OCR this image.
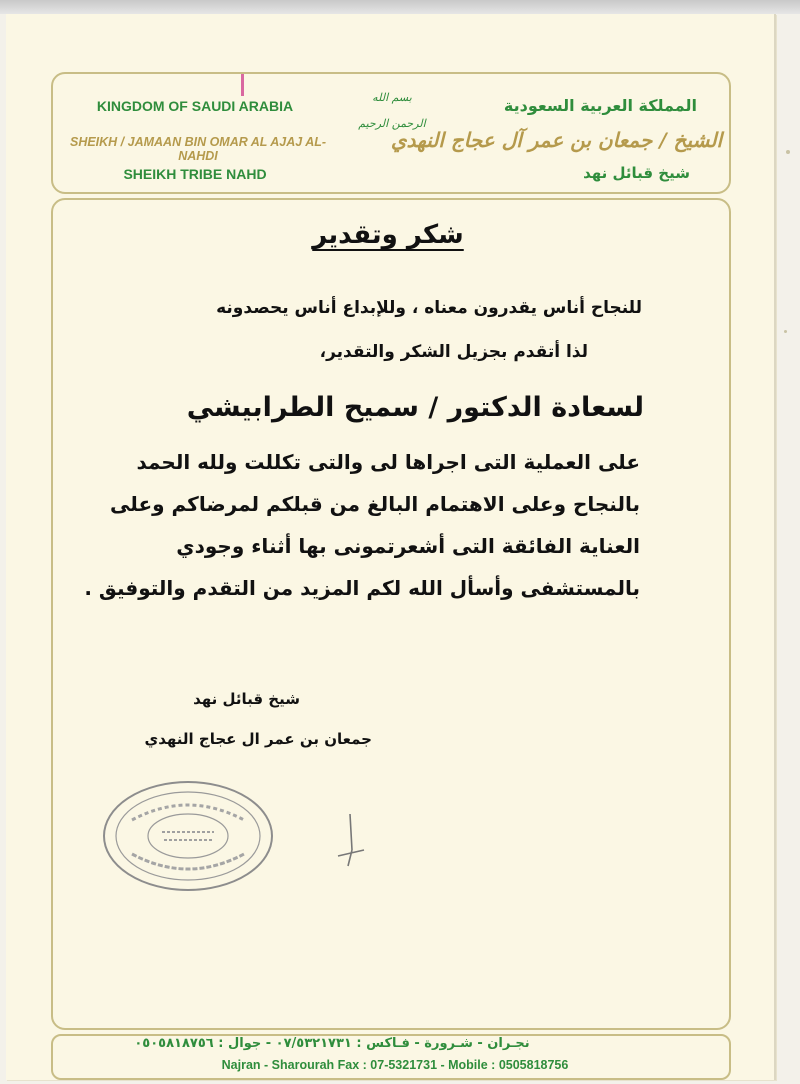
KINGDOM OF SAUDI ARABIA
SHEIKH / JAMAAN BIN OMAR AL AJAJ AL-NAHDI
SHEIKH TRIBE NAHD
بسم الله الرحمن الرحيم
المملكة العربية السعودية
الشيخ / جمعان بن عمر آل عجاج النهدي
شيخ قبائل نهد
شكر وتقدير
للنجاح أناس يقدرون معناه ، وللإبداع أناس يحصدونه
لذا أتقدم بجزيل الشكر والتقدير،
لسعادة الدكتور / سميح الطرابيشي
على العملية التى اجراها لى والتى تكللت ولله الحمد
بالنجاح وعلى الاهتمام البالغ من قبلكم لمرضاكم وعلى
العناية الفائقة التى أشعرتمونى بها أثناء وجودي
بالمستشفى وأسأل الله لكم المزيد من التقدم والتوفيق .
شيخ قبائل نهد
جمعان بن عمر ال عجاج النهدي
نجـران - شـرورة - فـاكس : ٠٧/٥٣٢١٧٣١ - جوال : ٠٥٠٥٨١٨٧٥٦
Najran - Sharourah Fax : 07-5321731 - Mobile : 0505818756
